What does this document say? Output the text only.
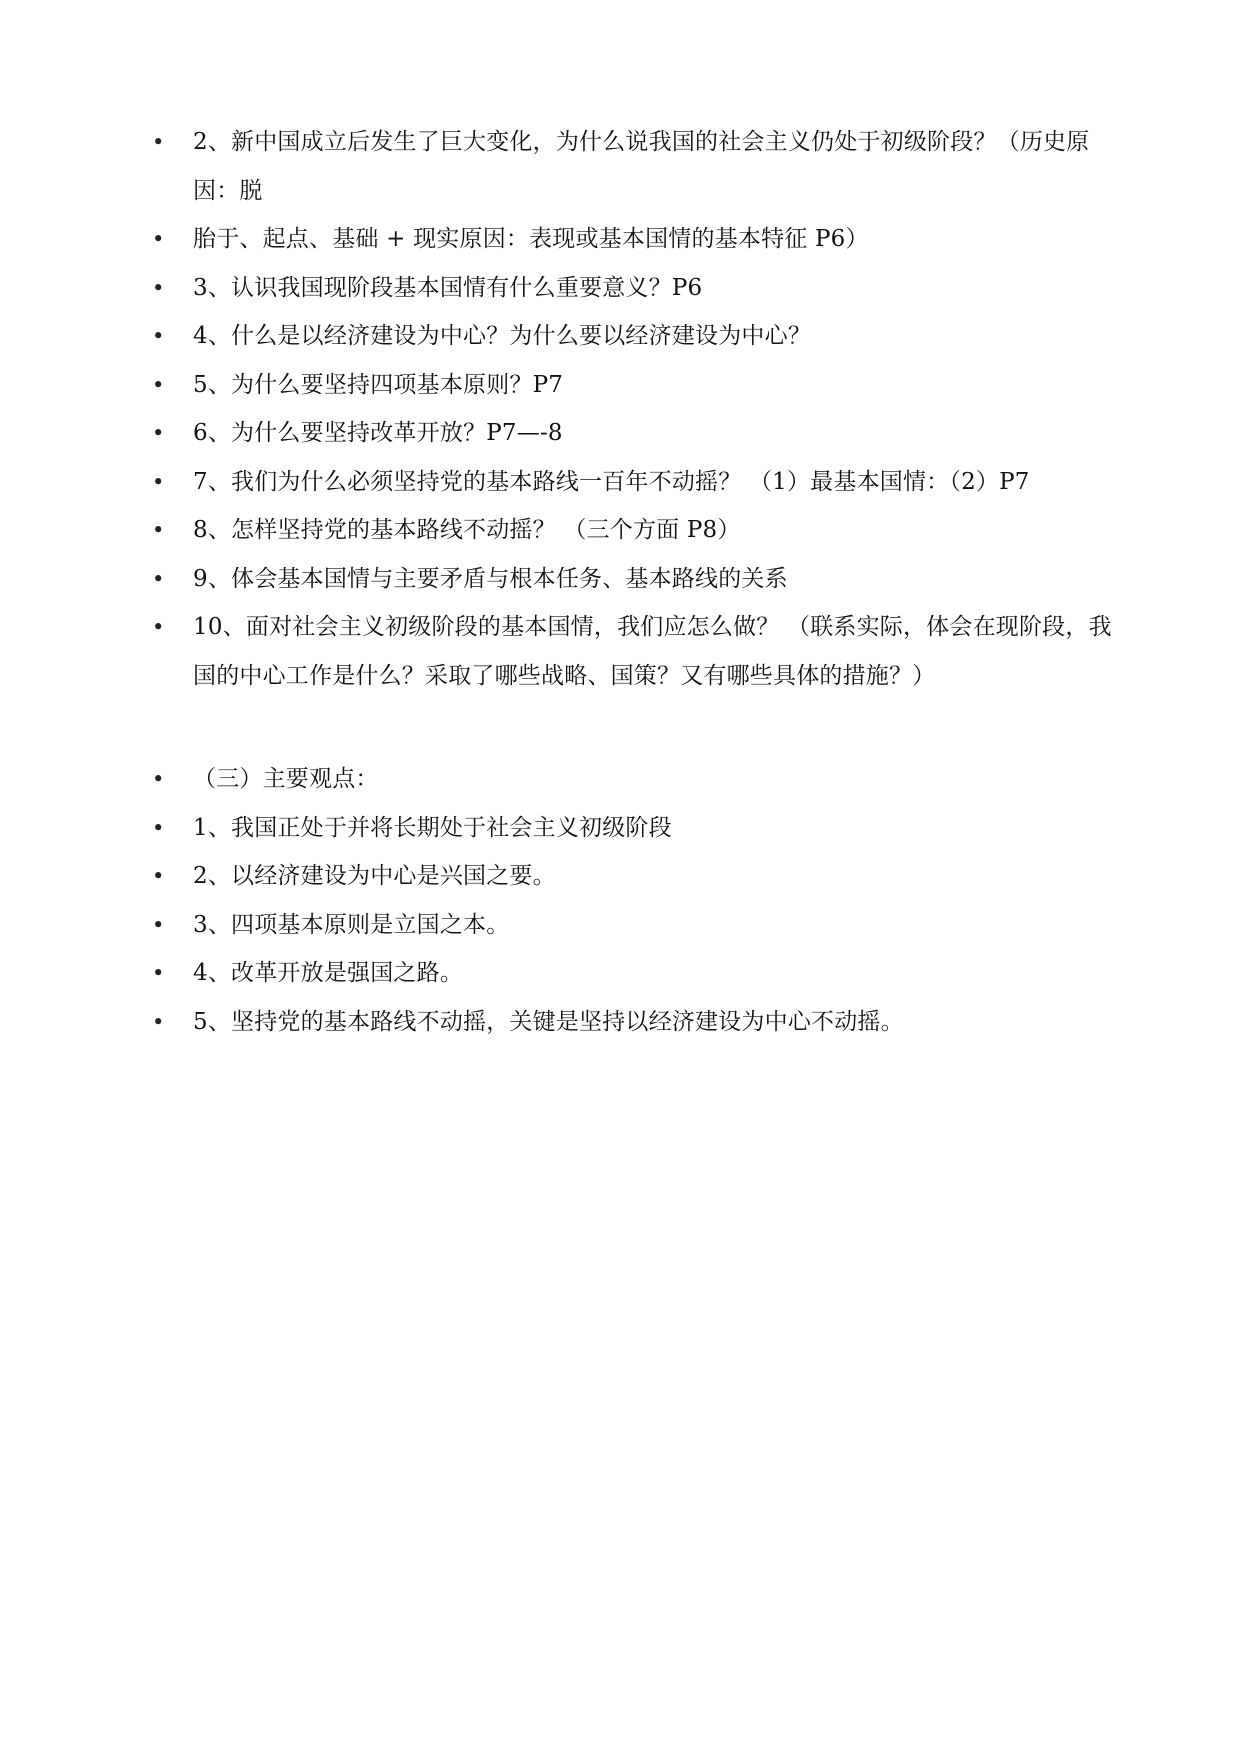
•	2、新中国成立后发生了巨大变化，为什么说我国的社会主义仍处于初级阶段？（历史原因：脱
•	胎于、起点、基础 + 现实原因：表现或基本国情的基本特征 P6）
•	3、认识我国现阶段基本国情有什么重要意义？P6
•	4、什么是以经济建设为中心？为什么要以经济建设为中心？
•	5、为什么要坚持四项基本原则？P7
•	6、为什么要坚持改革开放？P7—-8
•	7、我们为什么必须坚持党的基本路线一百年不动摇？ （1）最基本国情：（2）P7
•	8、怎样坚持党的基本路线不动摇？ （三个方面 P8）
•	9、体会基本国情与主要矛盾与根本任务、基本路线的关系
•	10、面对社会主义初级阶段的基本国情，我们应怎么做？ （联系实际，体会在现阶段，我国的中心工作是什么？采取了哪些战略、国策？又有哪些具体的措施？）
•	（三）主要观点：
•	1、我国正处于并将长期处于社会主义初级阶段
•	2、以经济建设为中心是兴国之要。
•	3、四项基本原则是立国之本。
•	4、改革开放是强国之路。
•	5、坚持党的基本路线不动摇，关键是坚持以经济建设为中心不动摇。
